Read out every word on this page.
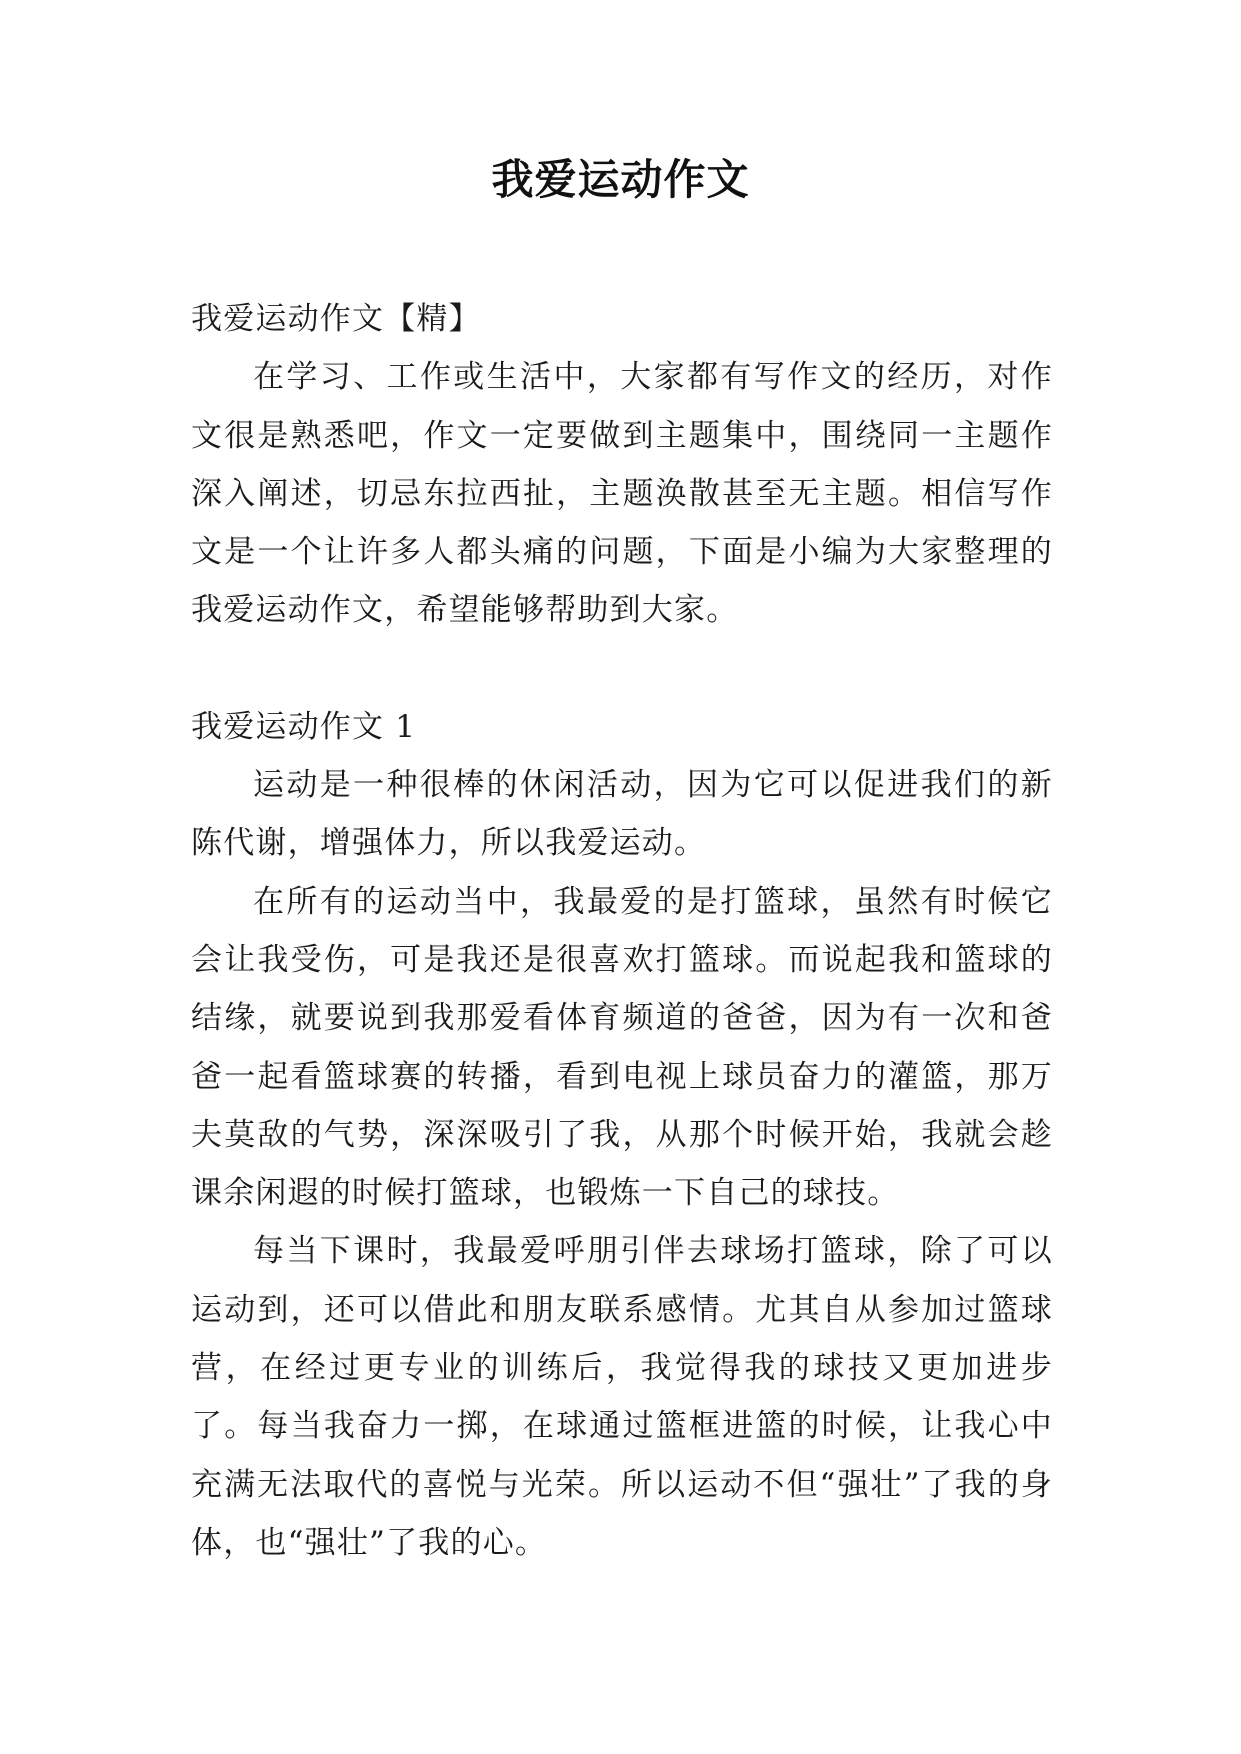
我爱运动作文

我爱运动作文【精】

在学习、工作或生活中，大家都有写作文的经历，对作文很是熟悉吧，作文一定要做到主题集中，围绕同一主题作深入阐述，切忌东拉西扯，主题涣散甚至无主题。相信写作文是一个让许多人都头痛的问题，下面是小编为大家整理的我爱运动作文，希望能够帮助到大家。

我爱运动作文 1

运动是一种很棒的休闲活动，因为它可以促进我们的新陈代谢，增强体力，所以我爱运动。

在所有的运动当中，我最爱的是打篮球，虽然有时候它会让我受伤，可是我还是很喜欢打篮球。而说起我和篮球的结缘，就要说到我那爱看体育频道的爸爸，因为有一次和爸爸一起看篮球赛的转播，看到电视上球员奋力的灌篮，那万夫莫敌的气势，深深吸引了我，从那个时候开始，我就会趁课余闲遐的时候打篮球，也锻炼一下自己的球技。

每当下课时，我最爱呼朋引伴去球场打篮球，除了可以运动到，还可以借此和朋友联系感情。尤其自从参加过篮球营，在经过更专业的训练后，我觉得我的球技又更加进步了。每当我奋力一掷，在球通过篮框进篮的时候，让我心中充满无法取代的喜悦与光荣。所以运动不但“强壮”了我的身体，也“强壮”了我的心。
